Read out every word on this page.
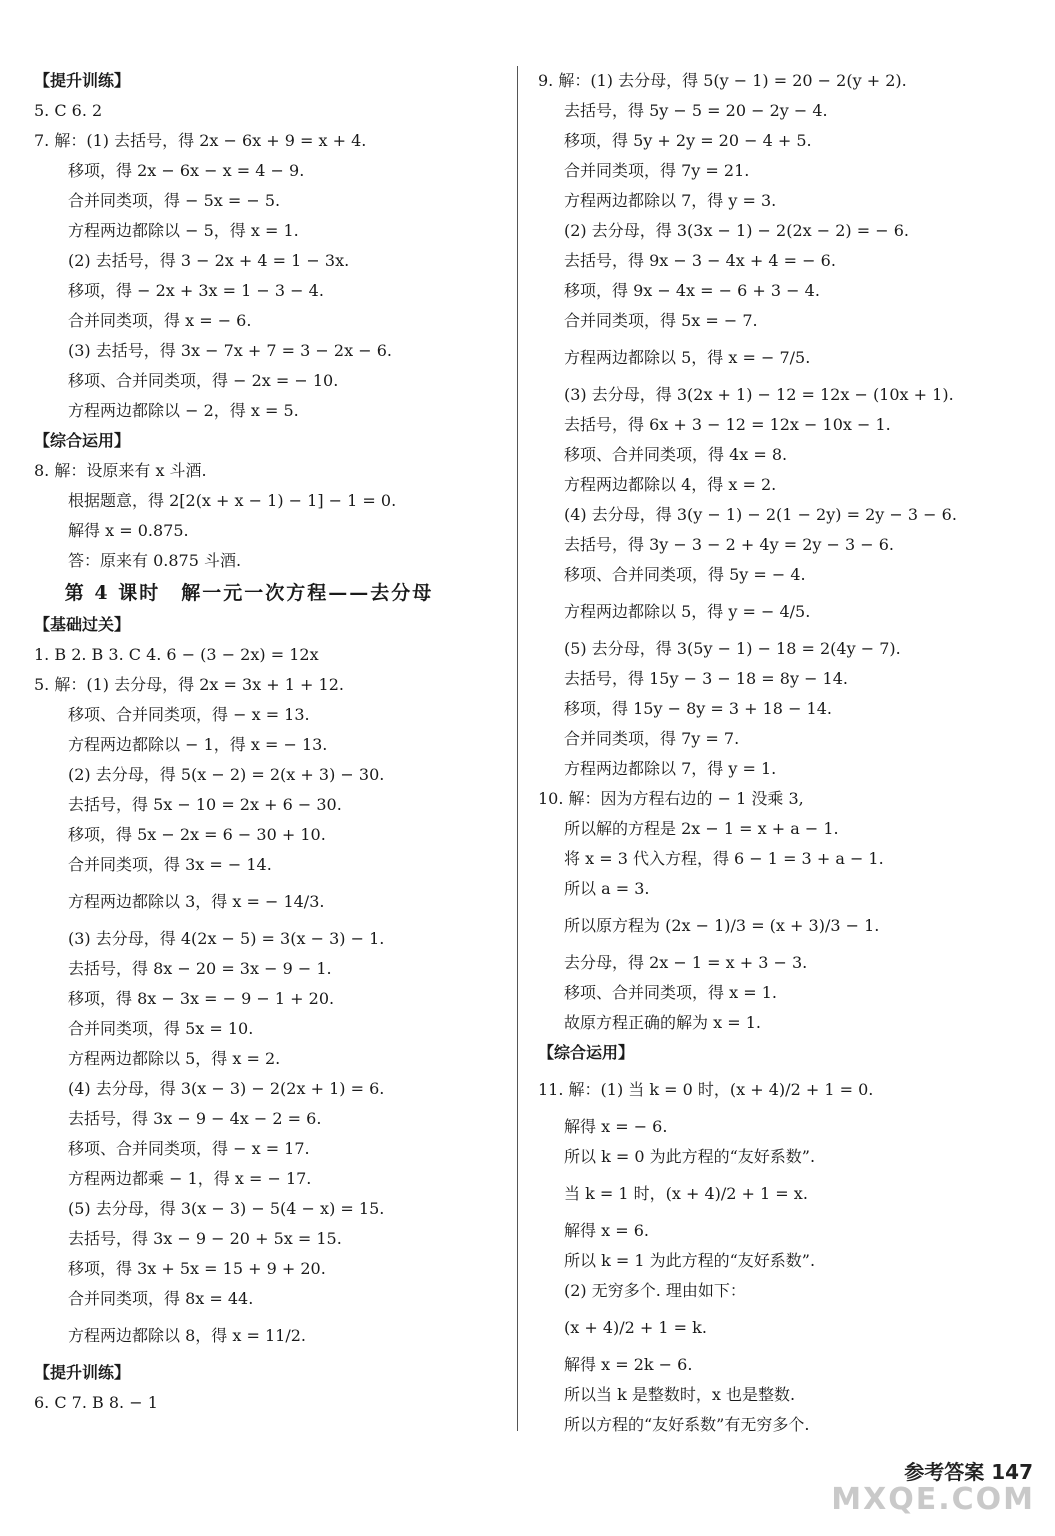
【提升训练】
5. C 6. 2
7. 解：(1) 去括号，得 2x − 6x + 9 = x + 4.
移项，得 2x − 6x − x = 4 − 9.
合并同类项，得 − 5x = − 5.
方程两边都除以 − 5，得 x = 1.
(2) 去括号，得 3 − 2x + 4 = 1 − 3x.
移项，得 − 2x + 3x = 1 − 3 − 4.
合并同类项，得 x = − 6.
(3) 去括号，得 3x − 7x + 7 = 3 − 2x − 6.
移项、合并同类项，得 − 2x = − 10.
方程两边都除以 − 2，得 x = 5.
【综合运用】
8. 解：设原来有 x 斗酒.
根据题意，得 2[2(x + x − 1) − 1] − 1 = 0.
解得 x = 0.875.
答：原来有 0.875 斗酒.
第 4 课时　解一元一次方程——去分母
【基础过关】
1. B 2. B 3. C 4. 6 − (3 − 2x) = 12x
5. 解：(1) 去分母，得 2x = 3x + 1 + 12.
移项、合并同类项，得 − x = 13.
方程两边都除以 − 1，得 x = − 13.
(2) 去分母，得 5(x − 2) = 2(x + 3) − 30.
去括号，得 5x − 10 = 2x + 6 − 30.
移项，得 5x − 2x = 6 − 30 + 10.
合并同类项，得 3x = − 14.
方程两边都除以 3，得 x = − 14/3.
(3) 去分母，得 4(2x − 5) = 3(x − 3) − 1.
去括号，得 8x − 20 = 3x − 9 − 1.
移项，得 8x − 3x = − 9 − 1 + 20.
合并同类项，得 5x = 10.
方程两边都除以 5，得 x = 2.
(4) 去分母，得 3(x − 3) − 2(2x + 1) = 6.
去括号，得 3x − 9 − 4x − 2 = 6.
移项、合并同类项，得 − x = 17.
方程两边都乘 − 1，得 x = − 17.
(5) 去分母，得 3(x − 3) − 5(4 − x) = 15.
去括号，得 3x − 9 − 20 + 5x = 15.
移项，得 3x + 5x = 15 + 9 + 20.
合并同类项，得 8x = 44.
方程两边都除以 8，得 x = 11/2.
【提升训练】
6. C 7. B 8. − 1
9. 解：(1) 去分母，得 5(y − 1) = 20 − 2(y + 2).
去括号，得 5y − 5 = 20 − 2y − 4.
移项，得 5y + 2y = 20 − 4 + 5.
合并同类项，得 7y = 21.
方程两边都除以 7，得 y = 3.
(2) 去分母，得 3(3x − 1) − 2(2x − 2) = − 6.
去括号，得 9x − 3 − 4x + 4 = − 6.
移项，得 9x − 4x = − 6 + 3 − 4.
合并同类项，得 5x = − 7.
方程两边都除以 5，得 x = − 7/5.
(3) 去分母，得 3(2x + 1) − 12 = 12x − (10x + 1).
去括号，得 6x + 3 − 12 = 12x − 10x − 1.
移项、合并同类项，得 4x = 8.
方程两边都除以 4，得 x = 2.
(4) 去分母，得 3(y − 1) − 2(1 − 2y) = 2y − 3 − 6.
去括号，得 3y − 3 − 2 + 4y = 2y − 3 − 6.
移项、合并同类项，得 5y = − 4.
方程两边都除以 5，得 y = − 4/5.
(5) 去分母，得 3(5y − 1) − 18 = 2(4y − 7).
去括号，得 15y − 3 − 18 = 8y − 14.
移项，得 15y − 8y = 3 + 18 − 14.
合并同类项，得 7y = 7.
方程两边都除以 7，得 y = 1.
10. 解：因为方程右边的 − 1 没乘 3,
所以解的方程是 2x − 1 = x + a − 1.
将 x = 3 代入方程，得 6 − 1 = 3 + a − 1.
所以 a = 3.
所以原方程为 (2x − 1)/3 = (x + 3)/3 − 1.
去分母，得 2x − 1 = x + 3 − 3.
移项、合并同类项，得 x = 1.
故原方程正确的解为 x = 1.
【综合运用】
11. 解：(1) 当 k = 0 时，(x + 4)/2 + 1 = 0.
解得 x = − 6.
所以 k = 0 为此方程的“友好系数”.
当 k = 1 时，(x + 4)/2 + 1 = x.
解得 x = 6.
所以 k = 1 为此方程的“友好系数”.
(2) 无穷多个. 理由如下：
(x + 4)/2 + 1 = k.
解得 x = 2k − 6.
所以当 k 是整数时，x 也是整数.
所以方程的“友好系数”有无穷多个.
参考答案 147
MXQE.COM
